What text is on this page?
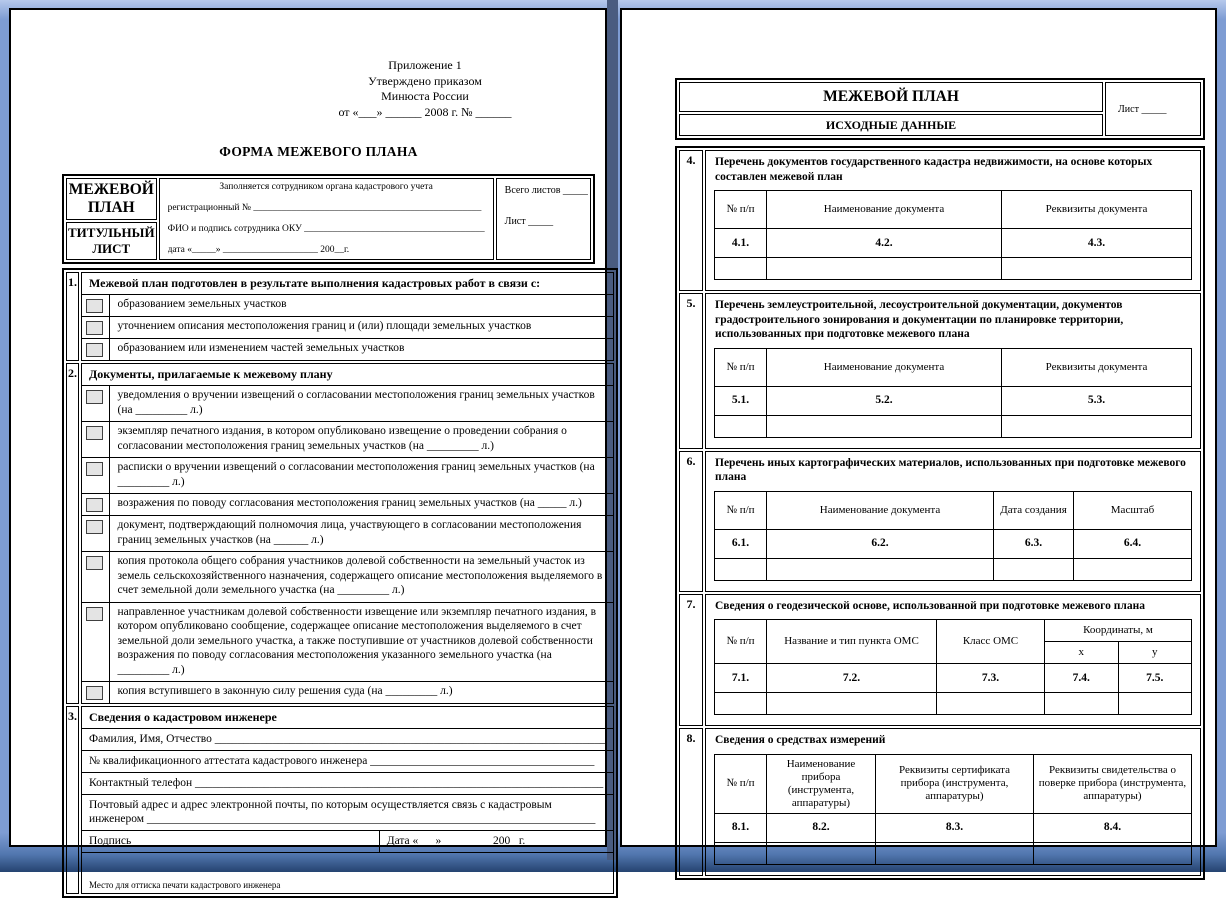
Приложение 1
Утверждено приказом
Минюста России
от «___» ______ 2008 г. № ______
ФОРМА МЕЖЕВОГО ПЛАНА
МЕЖЕВОЙ ПЛАН	
Заполняется сотрудником органа кадастрового учета
регистрационный № ________________________________________________
ФИО и подпись сотрудника ОКУ ______________________________________
дата «_____» ____________________ 200__г.

Всего листов _____
Лист _____

ТИТУЛЬНЫЙ ЛИСТ
1.	Межевой план подготовлен в результате выполнения кадастровых работ в связи с:

	образованием земельных участков

	уточнением описания местоположения границ и (или) площади земельных участков

	образованием или изменением частей земельных участков

2.	Документы, прилагаемые к межевому плану

	уведомления о вручении извещений о согласовании местоположения границ земельных участков (на _________ л.)

	экземпляр печатного издания, в котором опубликовано извещение о проведении собрания о согласовании местоположения границ земельных участков (на _________ л.)

	расписки о вручении извещений о согласовании местоположения границ земельных участков (на _________ л.)

	возражения по поводу согласования местоположения границ земельных участков (на _____ л.)

	документ, подтверждающий полномочия лица, участвующего в согласовании местоположения границ земельных участков (на ______ л.)

	копия протокола общего собрания участников долевой собственности на земельный участок из земель сельскохозяйственного назначения, содержащего описание местоположения выделяемого в счет земельной доли земельного участка (на _________ л.)

	направленное участникам долевой собственности извещение или экземпляр печатного издания, в котором опубликовано сообщение, содержащее описание местоположения выделяемого в счет земельной доли земельного участка, а также поступившие от участников долевой собственности возражения по поводу согласования местоположения указанного земельного участка (на _________ л.)

	копия вступившего в законную силу решения суда (на _________ л.)

3.	Сведения о кадастровом инженере
Фамилия, Имя, Отчество ____________________________________________________________________
№ квалификационного аттестата кадастрового инженера _______________________________________
Контактный телефон _______________________________________________________________________
Почтовый адрес и адрес электронной почты, по которым осуществляется связь с кадастровым инженером ______________________________________________________________________________
Подпись _________________________________	Дата «___» ________ 200_ г.
Место для оттиска печати кадастрового инженера
МЕЖЕВОЙ ПЛАН	Лист _____
ИСХОДНЫЕ ДАННЫЕ
4.	Перечень документов государственного кадастра недвижимости, на основе которых составлен межевой план
№ п/п	Наименование документа	Реквизиты документа
4.1.	4.2.	4.3.

5.	Перечень землеустроительной, лесоустроительной документации, документов градостроительного зонирования и документации по планировке территории, использованных при подготовке межевого плана
№ п/п	Наименование документа	Реквизиты документа
5.1.	5.2.	5.3.

6.	Перечень иных картографических материалов, использованных при подготовке межевого плана
№ п/п	Наименование документа	Дата создания	Масштаб
6.1.	6.2.	6.3.	6.4.

7.	Сведения о геодезической основе, использованной при подготовке межевого плана
№ п/п	Название и тип пункта ОМС	Класс ОМС	Координаты, м
х	у
7.1.	7.2.	7.3.	7.4.	7.5.

8.	Сведения о средствах измерений
№ п/п	Наименование прибора (инструмента, аппаратуры)	Реквизиты сертификата прибора (инструмента, аппаратуры)	Реквизиты свидетельства о поверке прибора (инструмента, аппаратуры)
8.1.	8.2.	8.3.	8.4.
